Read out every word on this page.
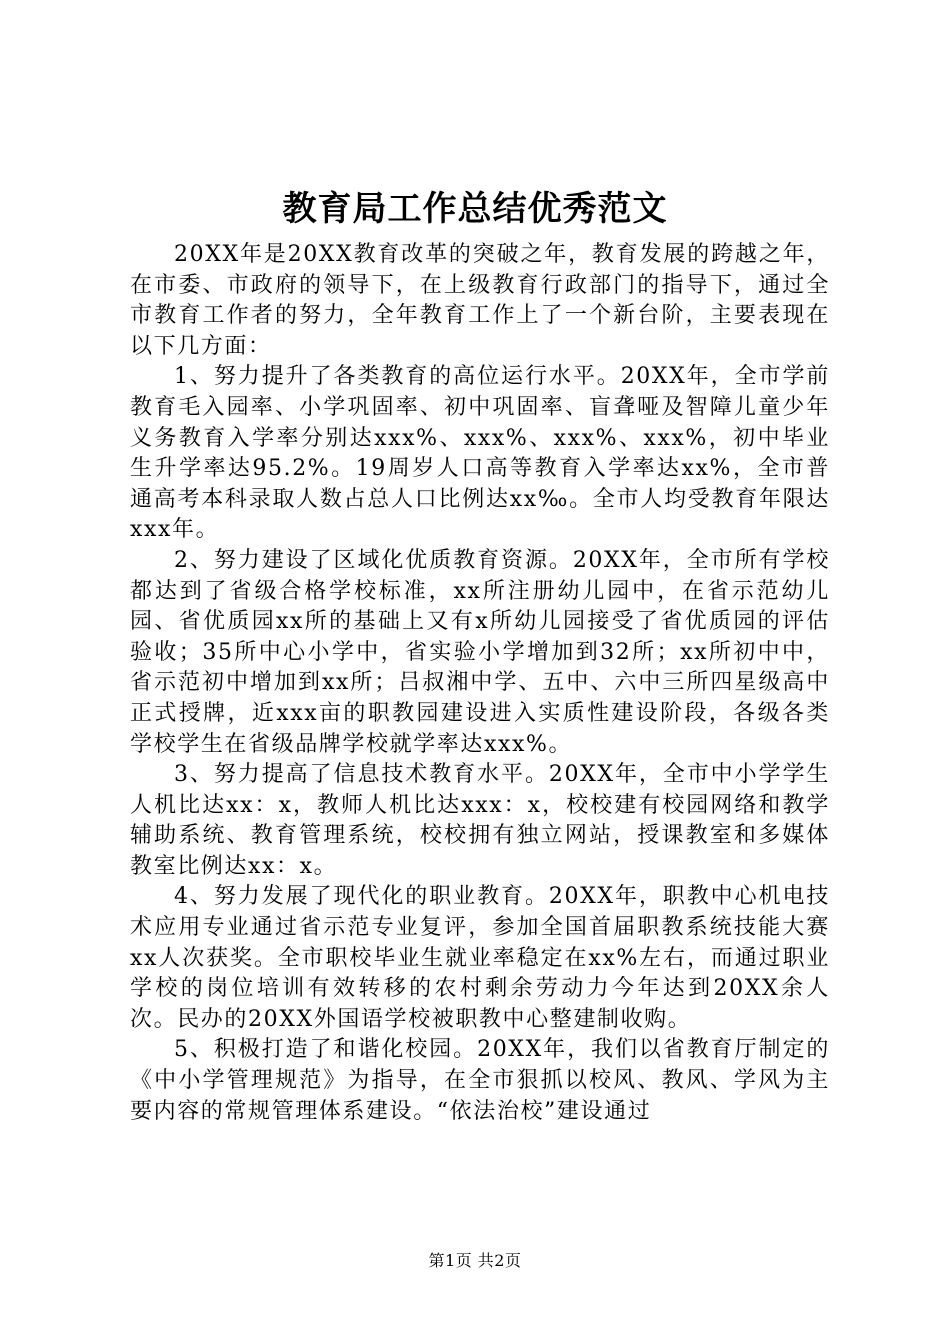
教育局工作总结优秀范文

20XX年是20XX教育改革的突破之年，教育发展的跨越之年，在市委、市政府的领导下，在上级教育行政部门的指导下，通过全市教育工作者的努力，全年教育工作上了一个新台阶，主要表现在以下几方面：

1、努力提升了各类教育的高位运行水平。20XX年，全市学前教育毛入园率、小学巩固率、初中巩固率、盲聋哑及智障儿童少年义务教育入学率分别达xxx%、xxx%、xxx%、xxx%，初中毕业生升学率达95.2%。19周岁人口高等教育入学率达xx%，全市普通高考本科录取人数占总人口比例达xx‰。全市人均受教育年限达xxx年。

2、努力建设了区域化优质教育资源。20XX年，全市所有学校都达到了省级合格学校标准，xx所注册幼儿园中，在省示范幼儿园、省优质园xx所的基础上又有x所幼儿园接受了省优质园的评估验收；35所中心小学中，省实验小学增加到32所；xx所初中中，省示范初中增加到xx所；吕叔湘中学、五中、六中三所四星级高中正式授牌，近xxx亩的职教园建设进入实质性建设阶段，各级各类学校学生在省级品牌学校就学率达xxx%。

3、努力提高了信息技术教育水平。20XX年，全市中小学学生人机比达xx：x，教师人机比达xxx：x，校校建有校园网络和教学辅助系统、教育管理系统，校校拥有独立网站，授课教室和多媒体教室比例达xx：x。

4、努力发展了现代化的职业教育。20XX年，职教中心机电技术应用专业通过省示范专业复评，参加全国首届职教系统技能大赛xx人次获奖。全市职校毕业生就业率稳定在xx%左右，而通过职业学校的岗位培训有效转移的农村剩余劳动力今年达到20XX余人次。民办的20XX外国语学校被职教中心整建制收购。

5、积极打造了和谐化校园。20XX年，我们以省教育厅制定的《中小学管理规范》为指导，在全市狠抓以校风、教风、学风为主要内容的常规管理体系建设。“依法治校”建设通过

第1页 共2页
